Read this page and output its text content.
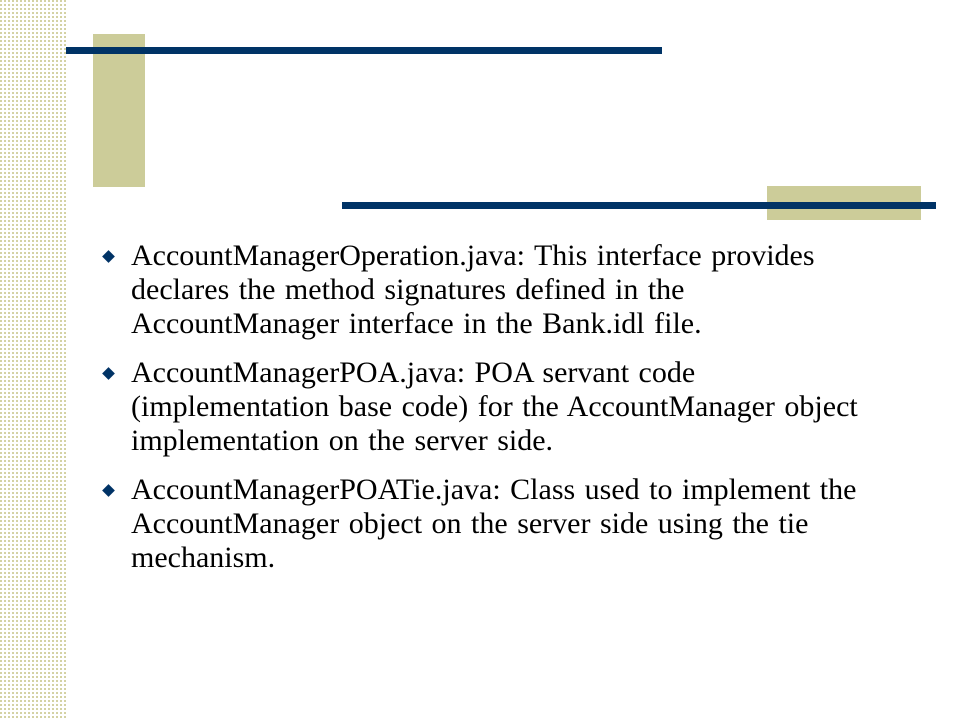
AccountManagerOperation.java: This interface provides declares the method signatures defined in the AccountManager interface in the Bank.idl file.
AccountManagerPOA.java: POA servant code (implementation base code) for the AccountManager object implementation on the server side.
AccountManagerPOATie.java: Class used to implement the AccountManager object on the server side using the tie mechanism.
